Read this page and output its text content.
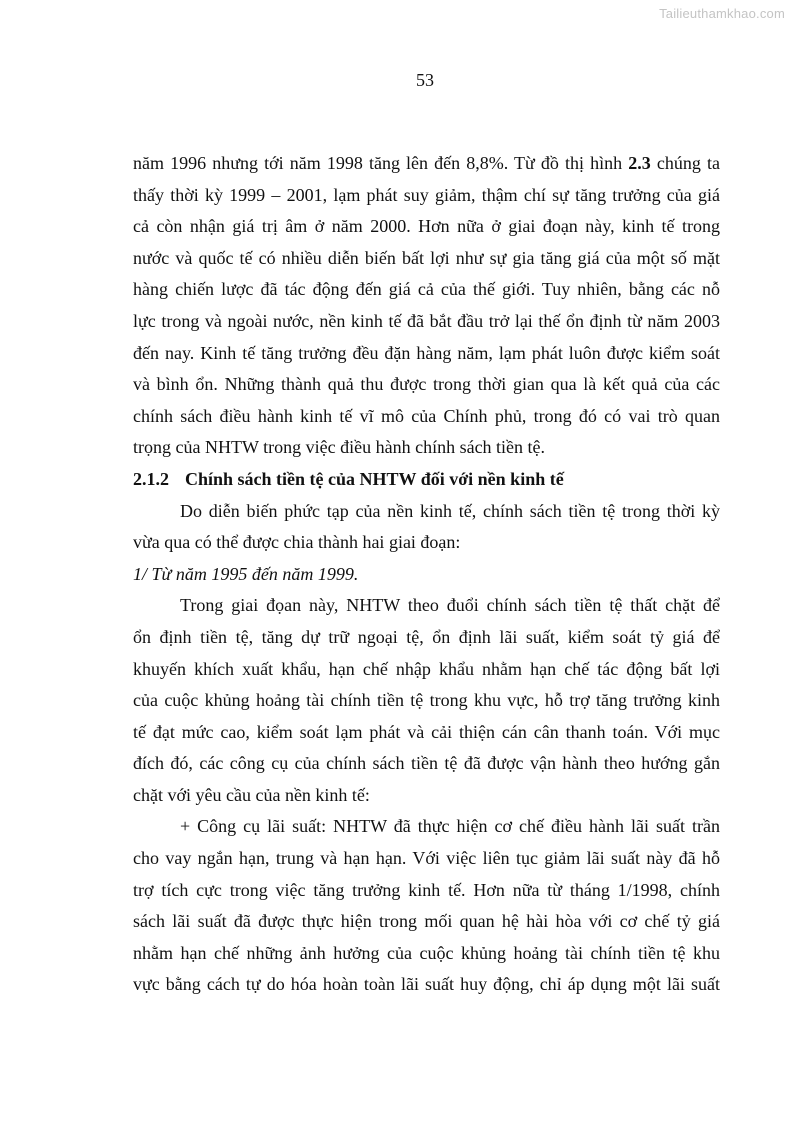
Tailieuthamkhao.com
53
năm 1996 nhưng tới năm 1998 tăng lên đến 8,8%. Từ đồ thị hình 2.3 chúng ta
thấy thời kỳ 1999 – 2001, lạm phát suy giảm, thậm chí sự tăng trưởng của giá
cả còn nhận giá trị âm ở năm 2000. Hơn nữa ở giai đoạn này, kinh tế trong
nước và quốc tế có nhiều diễn biến bất lợi như sự gia tăng giá của một số mặt
hàng chiến lược đã tác động đến giá cả của thế giới. Tuy nhiên, bằng các nỗ
lực trong và ngoài nước, nền kinh tế đã bắt đầu trở lại thế ổn định từ năm 2003
đến nay. Kinh tế tăng trưởng đều đặn hàng năm, lạm phát luôn được kiểm soát
và bình ổn. Những thành quả thu được trong thời gian qua là kết quả của các
chính sách điều hành kinh tế vĩ mô của Chính phủ, trong đó có vai trò quan
trọng của NHTW trong việc điều hành chính sách tiền tệ.
2.1.2 Chính sách tiền tệ của NHTW đối với nền kinh tế
Do diễn biến phức tạp của nền kinh tế, chính sách tiền tệ trong thời kỳ
vừa qua có thể được chia thành hai giai đoạn:
1/ Từ năm 1995 đến năm 1999.
Trong giai đọan này, NHTW theo đuổi chính sách tiền tệ thất chặt để
ổn định tiền tệ, tăng dự trữ ngoại tệ, ổn định lãi suất, kiểm soát tỷ giá để
khuyến khích xuất khẩu, hạn chế nhập khẩu nhằm hạn chế tác động bất lợi
của cuộc khủng hoảng tài chính tiền tệ trong khu vực, hỗ trợ tăng trưởng kinh
tế đạt mức cao, kiểm soát lạm phát và cải thiện cán cân thanh toán. Với mục
đích đó, các công cụ của chính sách tiền tệ đã được vận hành theo hướng gắn
chặt với yêu cầu của nền kinh tế:
+ Công cụ lãi suất: NHTW đã thực hiện cơ chế điều hành lãi suất trần
cho vay ngắn hạn, trung và hạn hạn. Với việc liên tục giảm lãi suất này đã hỗ
trợ tích cực trong việc tăng trưởng kinh tế. Hơn nữa từ tháng 1/1998, chính
sách lãi suất đã được thực hiện trong mối quan hệ hài hòa với cơ chế tỷ giá
nhằm hạn chế những ảnh hưởng của cuộc khủng hoảng tài chính tiền tệ khu
vực bằng cách tự do hóa hoàn toàn lãi suất huy động, chỉ áp dụng một lãi suất
